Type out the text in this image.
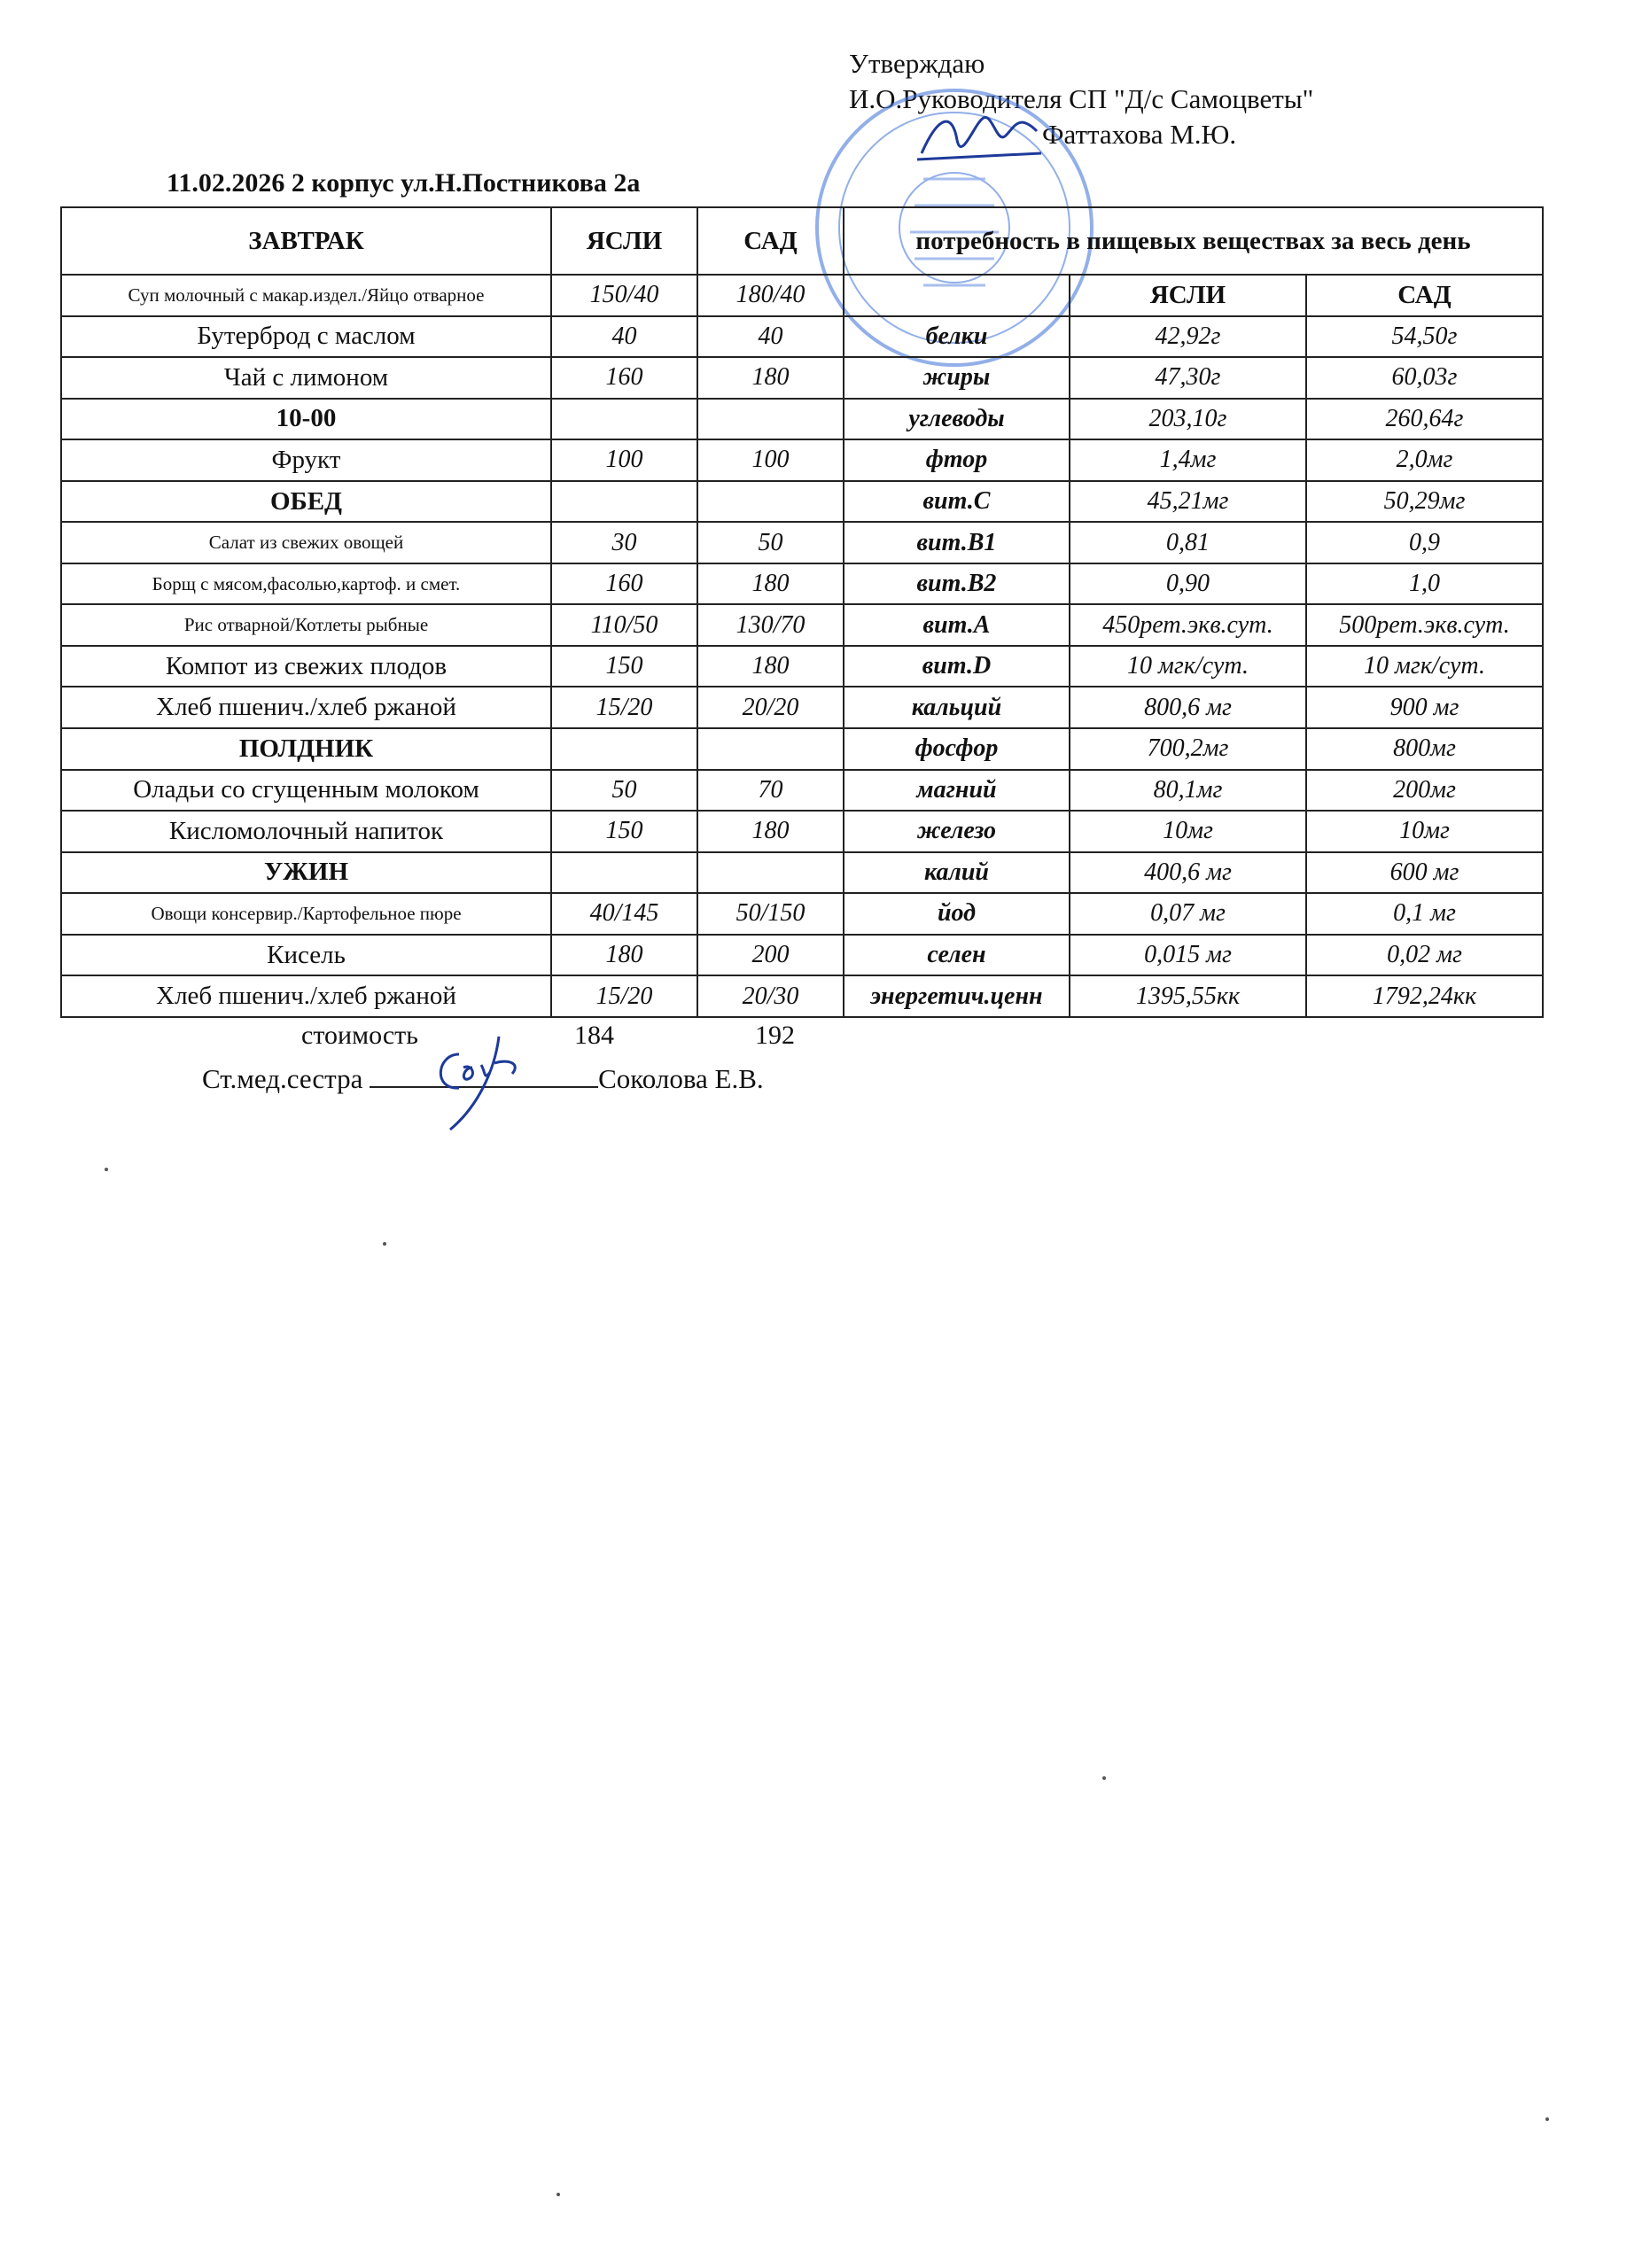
Утверждаю
И.О.Руководителя СП "Д/с Самоцветы"
Фаттахова М.Ю.
11.02.2026 2 корпус ул.Н.Постникова 2а
ЗАВТРАК	ЯСЛИ	САД	потребность в пищевых веществах за весь день		
Суп молочный с макар.издел./Яйцо отварное	150/40	180/40		ЯСЛИ	САД
Бутерброд с маслом	40	40	белки	42,92г	54,50г
Чай с лимоном	160	180	жиры	47,30г	60,03г
10-00			углеводы	203,10г	260,64г
Фрукт	100	100	фтор	1,4мг	2,0мг
ОБЕД			вит.С	45,21мг	50,29мг
Салат из свежих овощей	30	50	вит.В1	0,81	0,9
Борщ с мясом,фасолью,картоф. и смет.	160	180	вит.В2	0,90	1,0
Рис отварной/Котлеты рыбные	110/50	130/70	вит.А	450рет.экв.сут.	500рет.экв.сут.
Компот из свежих плодов	150	180	вит.D	10 мгк/сут.	10 мгк/сут.
Хлеб пшенич./хлеб ржаной	15/20	20/20	кальций	800,6 мг	900 мг
ПОЛДНИК			фосфор	700,2мг	800мг
Оладьи со сгущенным молоком	50	70	магний	80,1мг	200мг
Кисломолочный напиток	150	180	железо	10мг	10мг
УЖИН			калий	400,6 мг	600 мг
Овощи консервир./Картофельное пюре	40/145	50/150	йод	0,07 мг	0,1 мг
Кисель	180	200	селен	0,015 мг	0,02 мг
Хлеб пшенич./хлеб ржаной	15/20	20/30	энергетич.ценн	1395,55кк	1792,24кк
стоимость	184	192
Ст.мед.сестра	Соколова Е.В.
